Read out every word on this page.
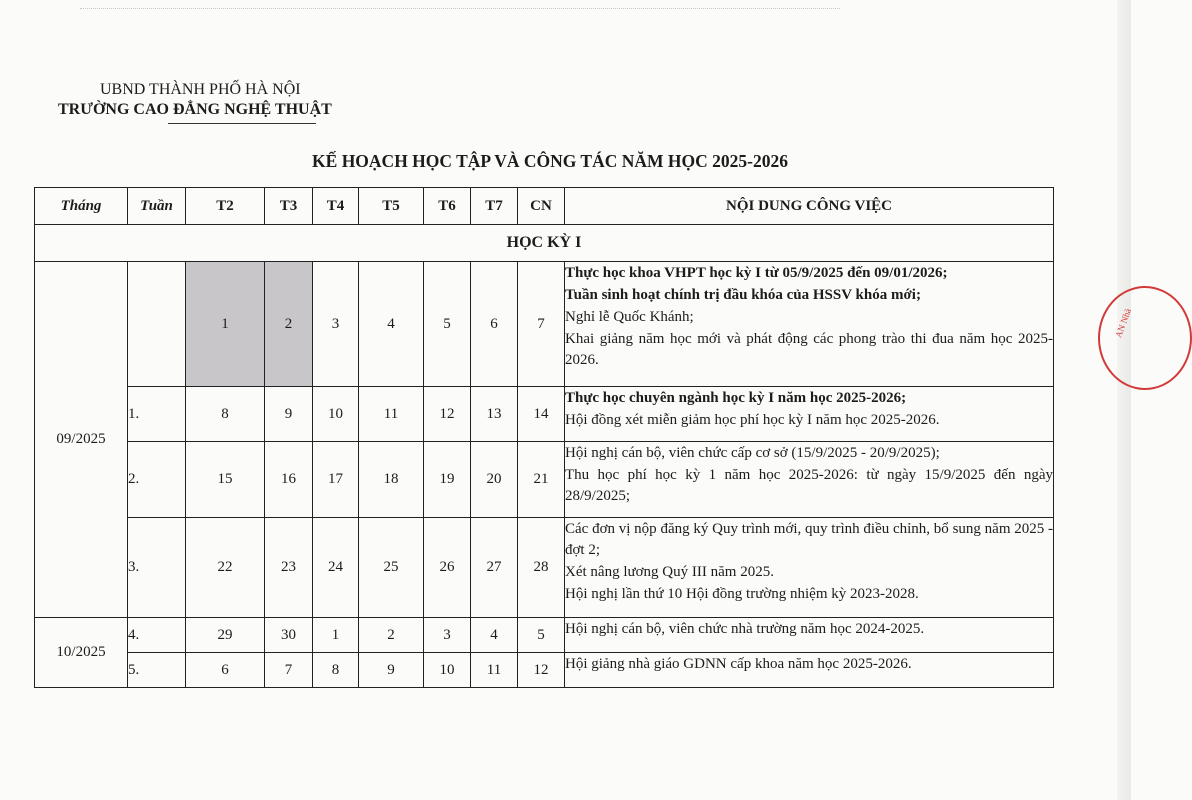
AN Nhà
UBND THÀNH PHỐ HÀ NỘI
TRƯỜNG CAO ĐẲNG NGHỆ THUẬT
KẾ HOẠCH HỌC TẬP VÀ CÔNG TÁC NĂM HỌC 2025-2026
Tháng	Tuần	T2	T3	T4	T5	T6	T7	CN	NỘI DUNG CÔNG VIỆC
HỌC KỲ I									
09/2025		1	2	3	4	5	6	7	Thực học khoa VHPT học kỳ I từ 05/9/2025 đến 09/01/2026;
Tuần sinh hoạt chính trị đầu khóa của HSSV khóa mới;
Nghỉ lễ Quốc Khánh;
Khai giảng năm học mới và phát động các phong trào thi đua năm học 2025-2026.

	1.	8	9	10	11	12	13	14	Thực học chuyên ngành học kỳ I năm học 2025-2026;
Hội đồng xét miễn giảm học phí học kỳ I năm học 2025-2026.

	2.	15	16	17	18	19	20	21	Hội nghị cán bộ, viên chức cấp cơ sở (15/9/2025 - 20/9/2025);
Thu học phí học kỳ 1 năm học 2025-2026: từ ngày 15/9/2025 đến ngày 28/9/2025;

	3.	22	23	24	25	26	27	28	Các đơn vị nộp đăng ký Quy trình mới, quy trình điều chỉnh, bổ sung năm 2025 - đợt 2;
Xét nâng lương Quý III năm 2025.
Hội nghị lần thứ 10 Hội đồng trường nhiệm kỳ 2023-2028.

10/2025	4.	29	30	1	2	3	4	5	Hội nghị cán bộ, viên chức nhà trường năm học 2024-2025.

	5.	6	7	8	9	10	11	12	Hội giảng nhà giáo GDNN cấp khoa năm học 2025-2026.
